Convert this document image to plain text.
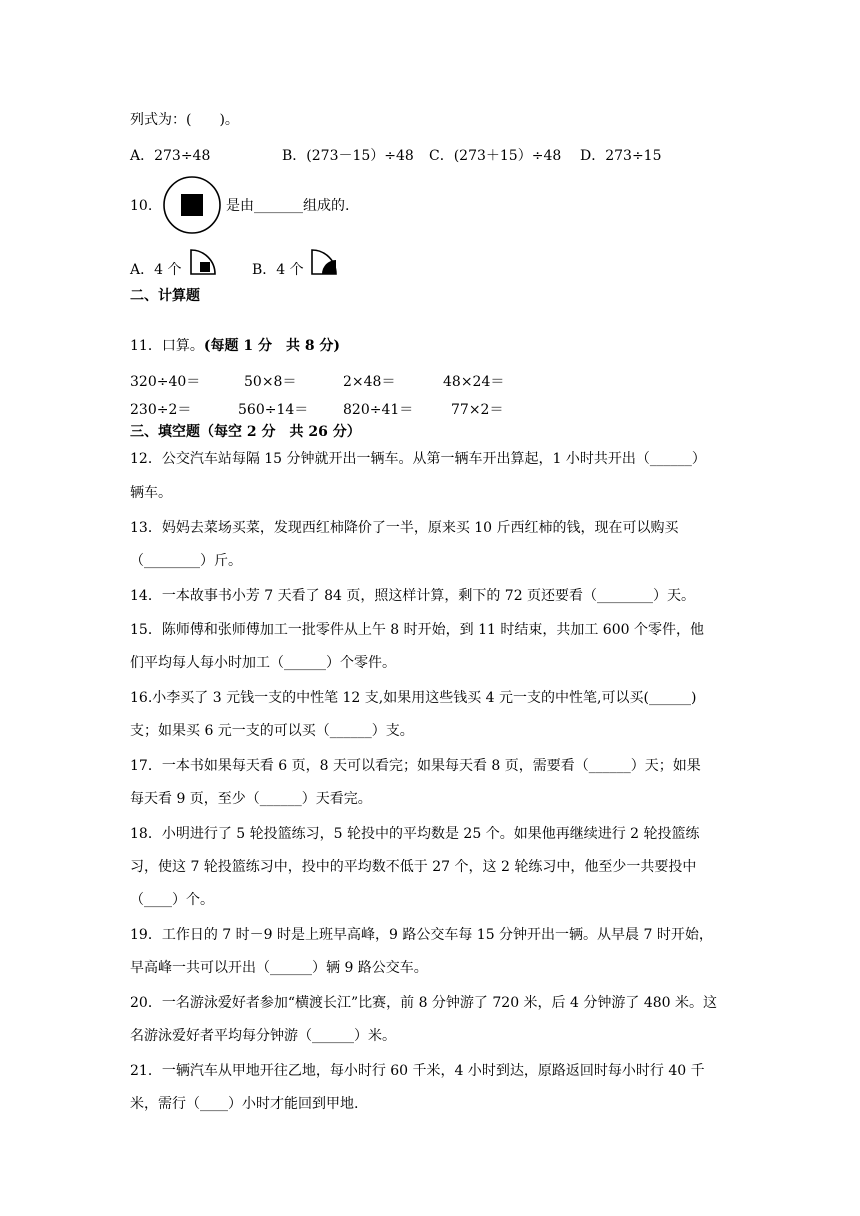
列式为：(　　)。
A．273÷48	B．(273－15）÷48 C．(273＋15）÷48 D．273÷15
10.	是由_______组成的.
A．4 个	B．4 个
二、计算题
11．口算。(每题 1 分　共 8 分)
320÷40＝	50×8＝	2×48＝	48×24＝
230÷2＝	560÷14＝ 820÷41＝	77×2＝
三、填空题（每空 2 分　共 26 分）
12．公交汽车站每隔 15 分钟就开出一辆车。从第一辆车开出算起，1 小时共开出（______）
辆车。
13．妈妈去菜场买菜，发现西红柿降价了一半，原来买 10 斤西红柿的钱，现在可以购买
（________）斤。
14．一本故事书小芳 7 天看了 84 页，照这样计算，剩下的 72 页还要看（________）天。
15．陈师傅和张师傅加工一批零件从上午 8 时开始，到 11 时结束，共加工 600 个零件，他
们平均每人每小时加工（______）个零件。
16.小李买了 3 元钱一支的中性笔 12 支,如果用这些钱买 4 元一支的中性笔,可以买(______)
支；如果买 6 元一支的可以买（______）支。
17．一本书如果每天看 6 页，8 天可以看完；如果每天看 8 页，需要看（______）天；如果
每天看 9 页，至少（______）天看完。
18．小明进行了 5 轮投篮练习，5 轮投中的平均数是 25 个。如果他再继续进行 2 轮投篮练
习，使这 7 轮投篮练习中，投中的平均数不低于 27 个，这 2 轮练习中，他至少一共要投中
（____）个。
19．工作日的 7 时－9 时是上班早高峰，9 路公交车每 15 分钟开出一辆。从早晨 7 时开始，
早高峰一共可以开出（______）辆 9 路公交车。
20．一名游泳爱好者参加“横渡长江”比赛，前 8 分钟游了 720 米，后 4 分钟游了 480 米。这
名游泳爱好者平均每分钟游（______）米。
21．一辆汽车从甲地开往乙地，每小时行 60 千米，4 小时到达，原路返回时每小时行 40 千
米，需行（____）小时才能回到甲地.
